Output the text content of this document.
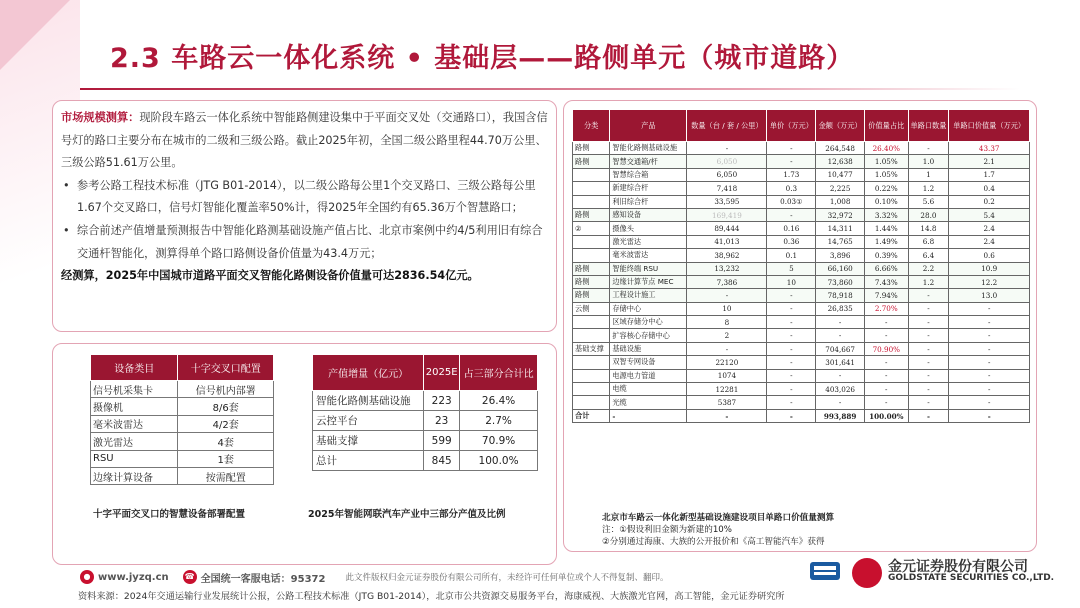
2.3 车路云一体化系统 • 基础层——路侧单元（城市道路）
市场规模测算：现阶段车路云一体化系统中智能路侧建设集中于平面交叉处（交通路口），我国含信号灯的路口主要分布在城市的二级和三级公路。截止2025年初，全国二级公路里程44.70万公里、三级公路51.61万公里。
• 参考公路工程技术标准（JTG B01-2014），以二级公路每公里1个交叉路口、三级公路每公里1.67个交叉路口，信号灯智能化覆盖率50%计，得2025年全国约有65.36万个智慧路口；
• 综合前述产值增量预测报告中智能化路测基础设施产值占比、北京市案例中约4/5利用旧有综合交通杆智能化，测算得单个路口路侧设备价值量为43.4万元；
经测算，2025年中国城市道路平面交叉智能化路侧设备价值量可达2836.54亿元。
设备类目	十字交叉口配置
信号机采集卡	信号机内部署
摄像机	8/6套
毫米波雷达	4/2套
激光雷达	4套
RSU	1套
边缘计算设备	按需配置
产值增量（亿元）	2025E	占三部分合计比
智能化路侧基础设施	223	26.4%
云控平台	23	2.7%
基础支撑	599	70.9%
总计	845	100.0%
十字平面交叉口的智慧设备部署配置	2025年智能网联汽车产业中三部分产值及比例
分类	产品	数量（台 / 套 / 公里）	单价（万元）	金额（万元）	价值量占比	单路口数量	单路口价值量（万元）
路侧	智能化路侧基础设施	-	-	264,548	26.40%	-	43.37
路侧	智慧交通箱/杆	6,050	-	12,638	1.05%	1.0	2.1
	智慧综合箱	6,050	1.73	10,477	1.05%	1	1.7
	新建综合杆	7,418	0.3	2,225	0.22%	1.2	0.4
	利旧综合杆	33,595	0.03①	1,008	0.10%	5.6	0.2
路侧	感知设备	169,419	-	32,972	3.32%	28.0	5.4
②	摄像头	89,444	0.16	14,311	1.44%	14.8	2.4
	激光雷达	41,013	0.36	14,765	1.49%	6.8	2.4
	毫米波雷达	38,962	0.1	3,896	0.39%	6.4	0.6
路侧	智能终端 RSU	13,232	5	66,160	6.66%	2.2	10.9
路侧	边缘计算节点 MEC	7,386	10	73,860	7.43%	1.2	12.2
路侧	工程设计施工	-	-	78,918	7.94%	-	13.0
云侧	存储中心	10	-	26,835	2.70%	-	-
	区域存储分中心	8	-	-	-	-	-
	扩容核心存储中心	2	-	-	-	-	-
基础支撑	基础设施	-	-	704,667	70.90%	-	-
	双智专网设备	22120	-	301,641	-	-	-
	电源电力管道	1074	-	-	-	-	-
	电缆	12281	-	403,026	-	-	-
	光缆	5387	-	-	-	-	-
合计	-	-	-	993,889	100.00%	-	-
北京市车路云一体化新型基础设施建设项目单路口价值量测算
注：①假设利旧金额为新建的10%
②分别通过海康、大族的公开报价和《高工智能汽车》获得
● www.jyzq.cn ☎ 全国统一客服电话：95372 此文件版权归金元证券股份有限公司所有，未经许可任何单位或个人不得复制、翻印。
金元证券股份有限公司
GOLDSTATE SECURITIES CO.,LTD.
资料来源：2024年交通运输行业发展统计公报，公路工程技术标准（JTG B01-2014），北京市公共资源交易服务平台，海康威视、大族激光官网，高工智能，金元证券研究所
